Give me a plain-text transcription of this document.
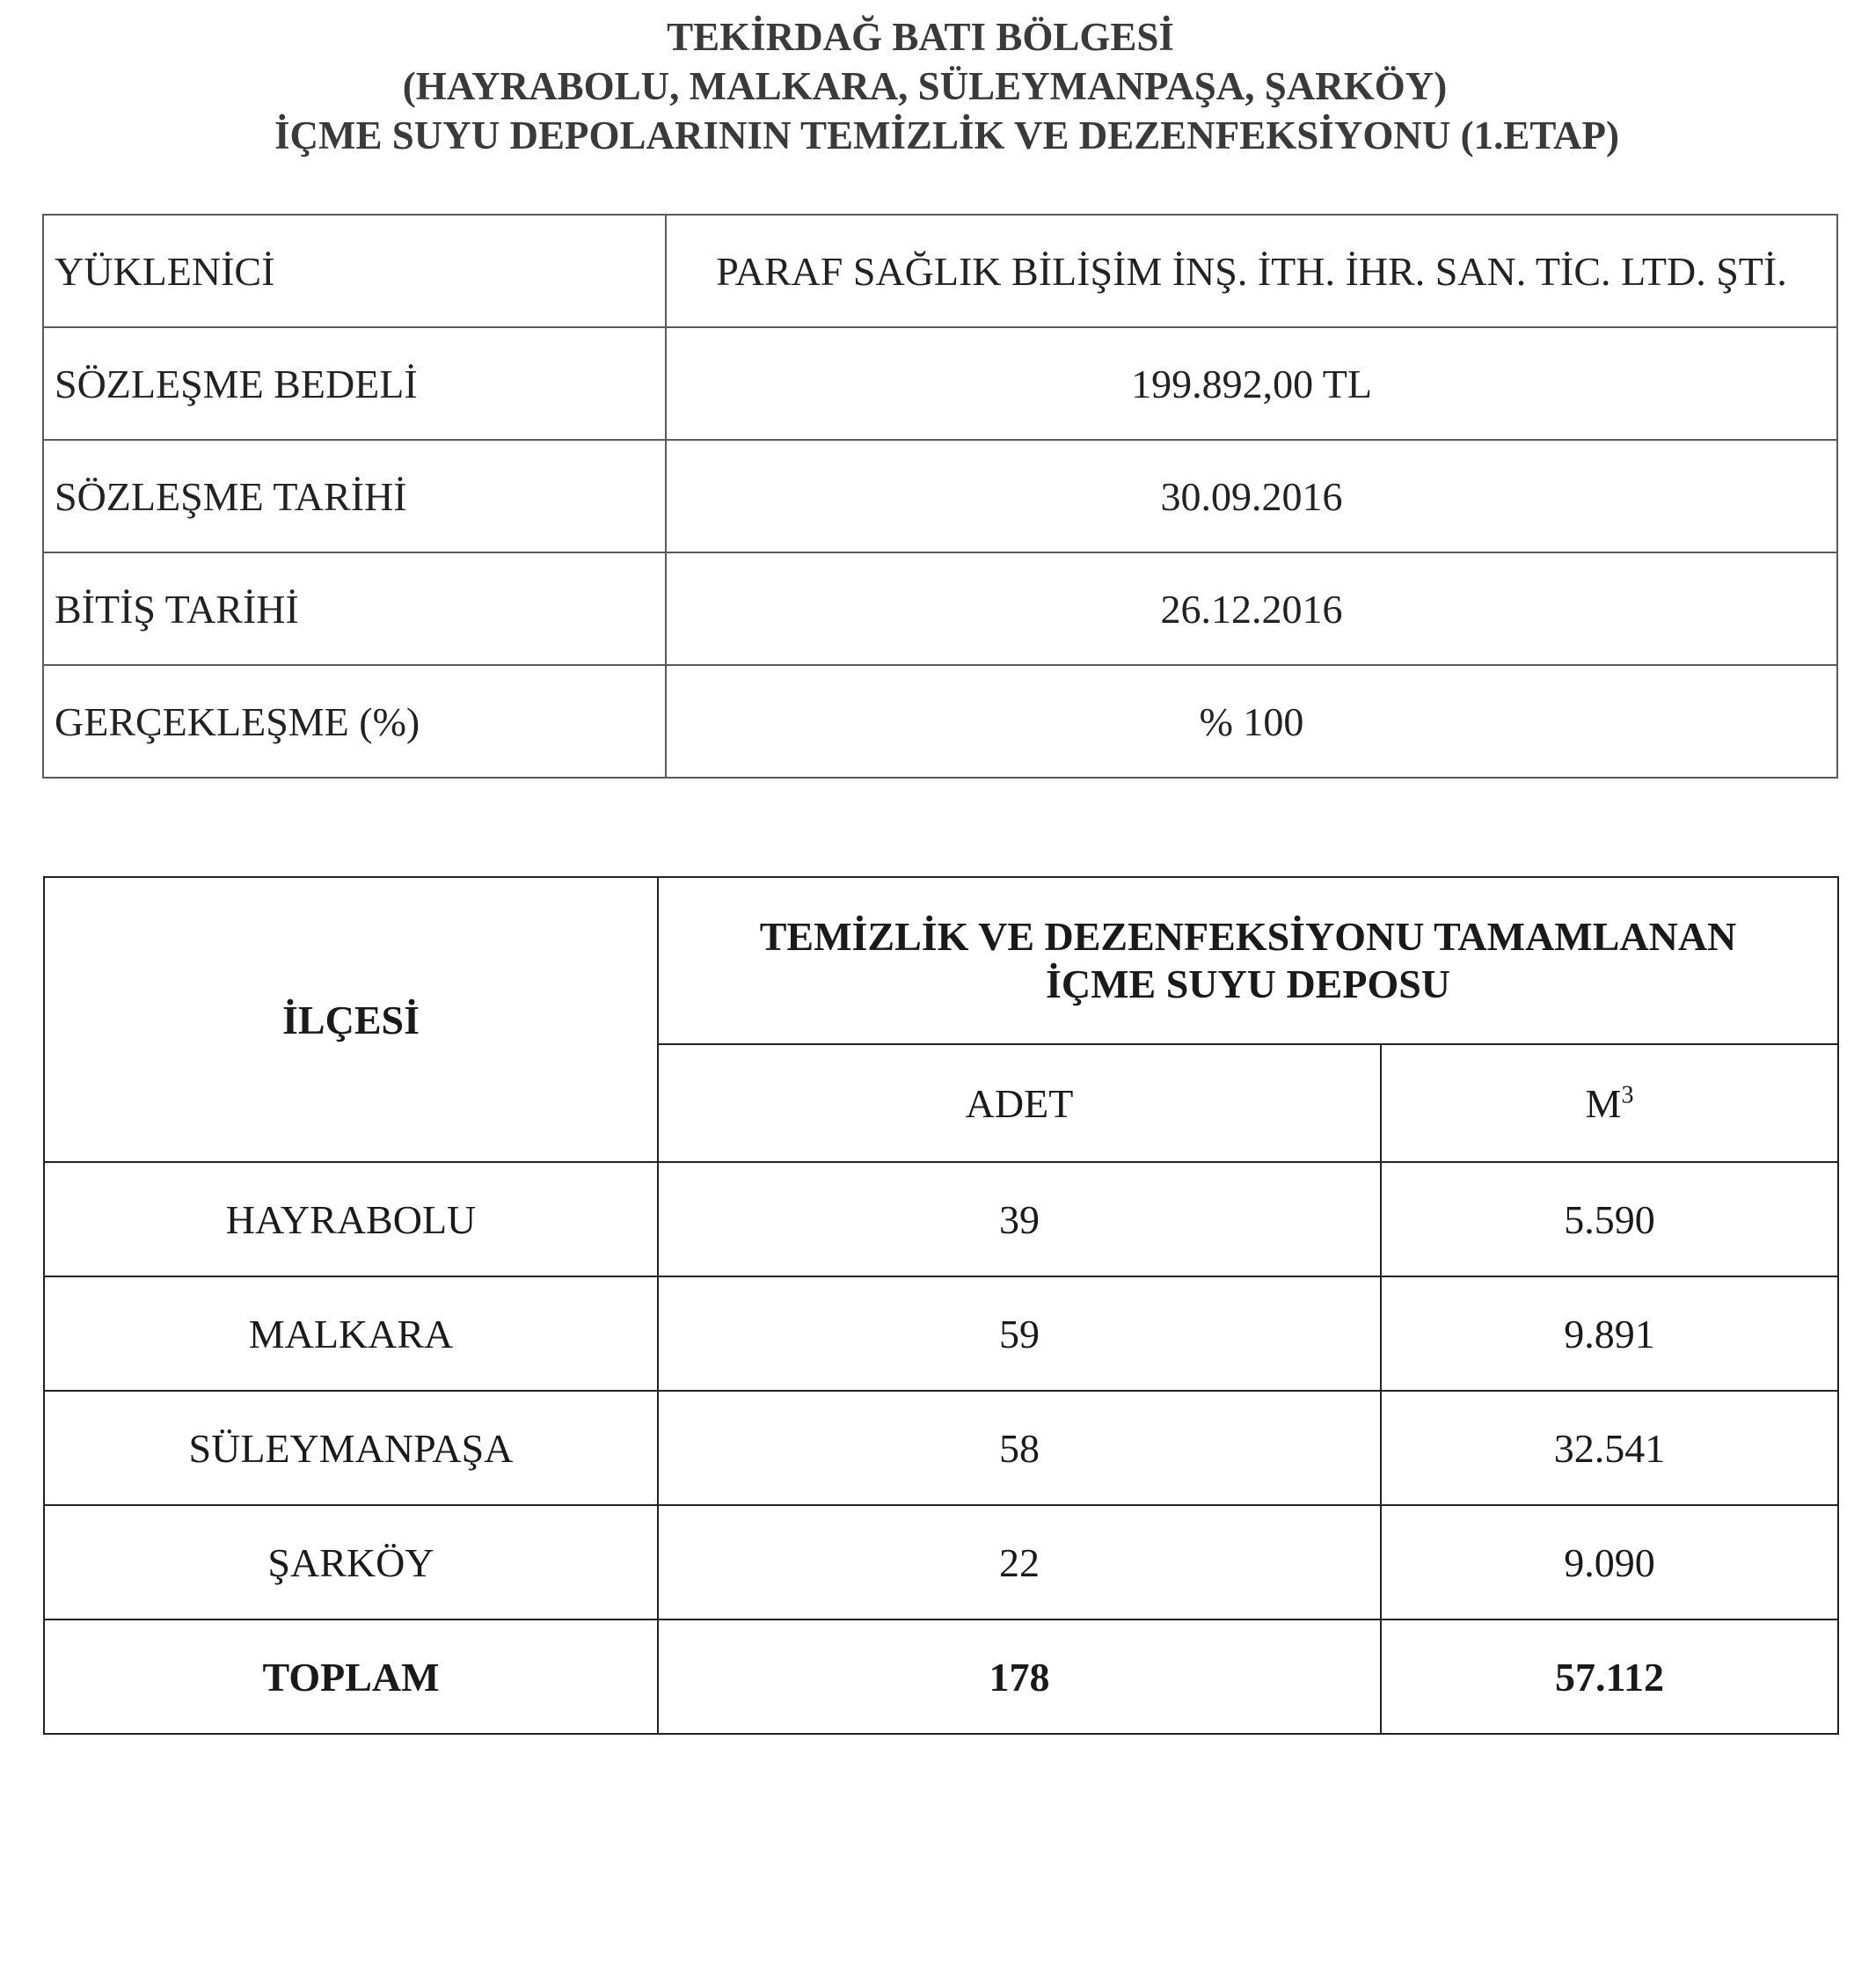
TEKİRDAĞ BATI BÖLGESİ
(HAYRABOLU, MALKARA, SÜLEYMANPAŞA, ŞARKÖY)
İÇME SUYU DEPOLARININ TEMİZLİK VE DEZENFEKSİYONU (1.ETAP)
YÜKLENİCİ	PARAF SAĞLIK BİLİŞİM İNŞ. İTH. İHR. SAN. TİC. LTD. ŞTİ.
SÖZLEŞME BEDELİ	199.892,00 TL
SÖZLEŞME TARİHİ	30.09.2016
BİTİŞ TARİHİ	26.12.2016
GERÇEKLEŞME (%)	% 100
İLÇESİ	TEMİZLİK VE DEZENFEKSİYONU TAMAMLANAN
İÇME SUYU DEPOSU	

	ADET	$M^3$
HAYRABOLU	39	5.590
MALKARA	59	9.891
SÜLEYMANPAŞA	58	32.541
ŞARKÖY	22	9.090
TOPLAM	178	57.112
